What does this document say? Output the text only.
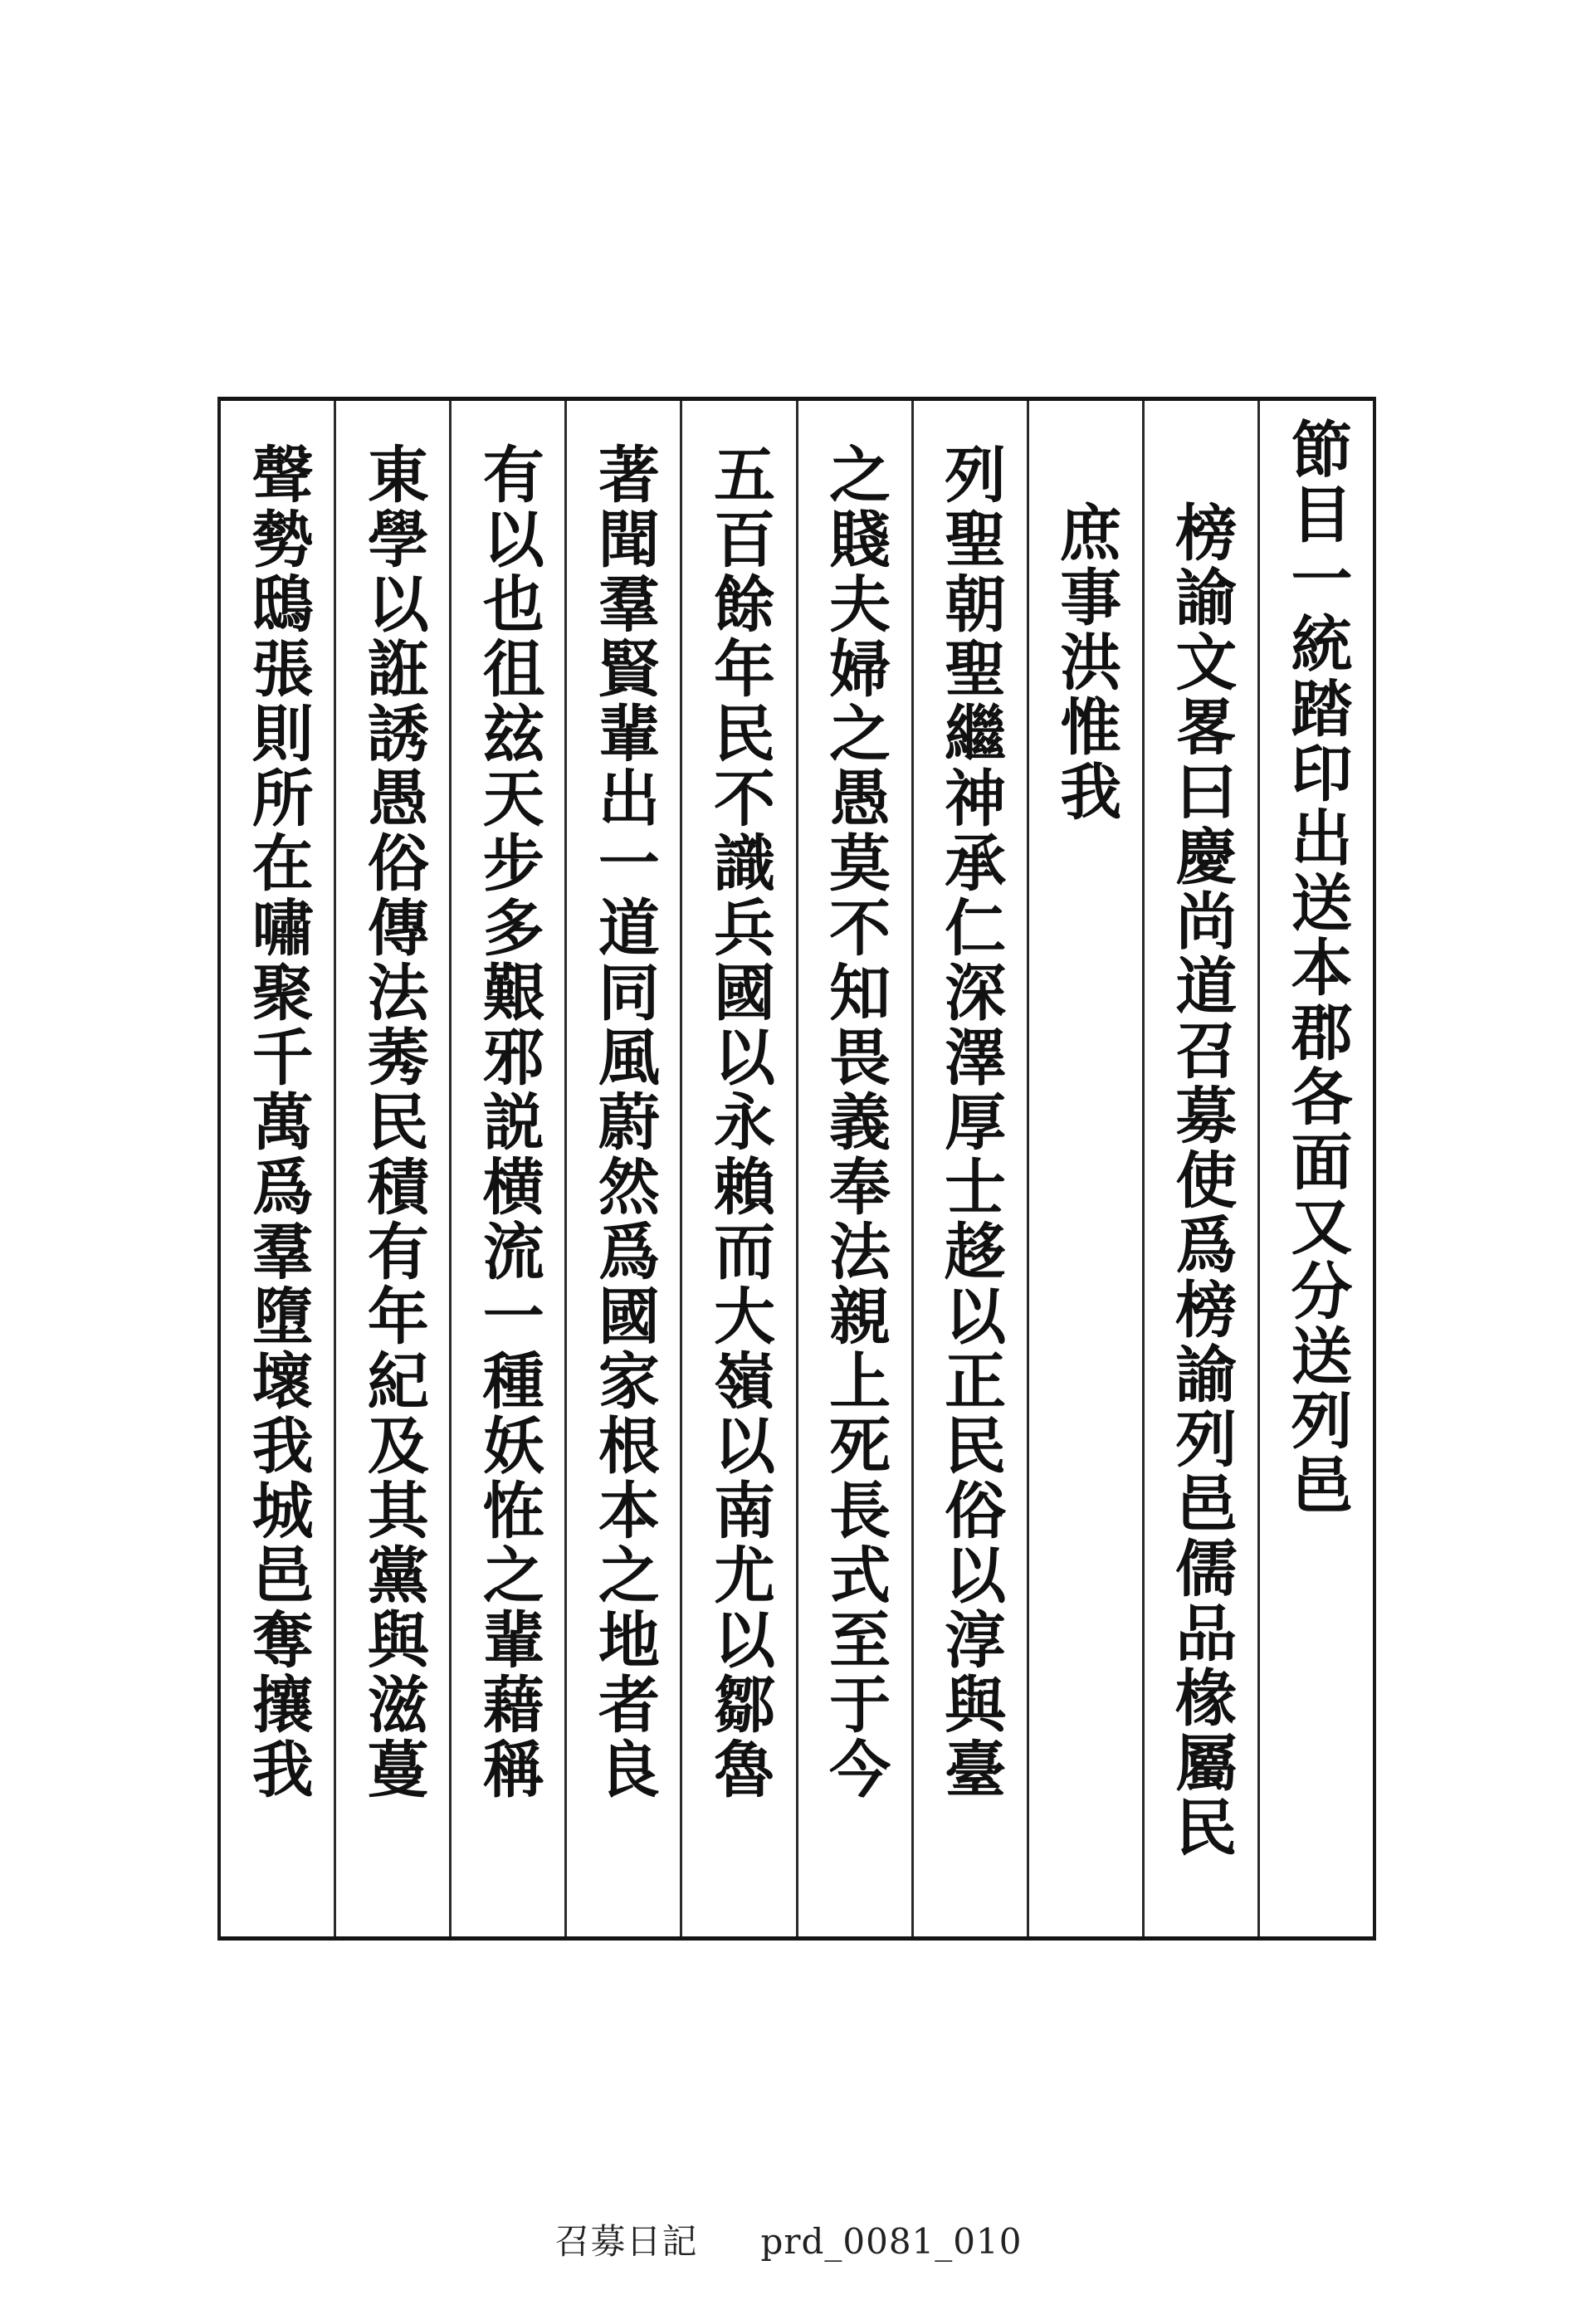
節目一統踏印出送本郡各面又分送列邑
榜諭文畧曰慶尚道召募使爲榜諭列邑儒品椽屬民
庶事洪惟我
列聖朝聖繼神承仁深澤厚士趍以正民俗以淳與臺
之賤夫婦之愚莫不知畏義奉法親上死長式至于今
五百餘年民不識兵國以永賴而大嶺以南尤以鄒魯
著聞羣賢輩出一道同風蔚然爲國家根本之地者良
有以也徂玆天步多艱邪説横流一種妖恠之輩藉稱
東學以誑誘愚俗傳法莠民積有年紀及其黨與滋蔓
聲勢鴟張則所在嘯聚千萬爲羣墮壞我城邑奪攘我
召募日記 prd_0081_010
